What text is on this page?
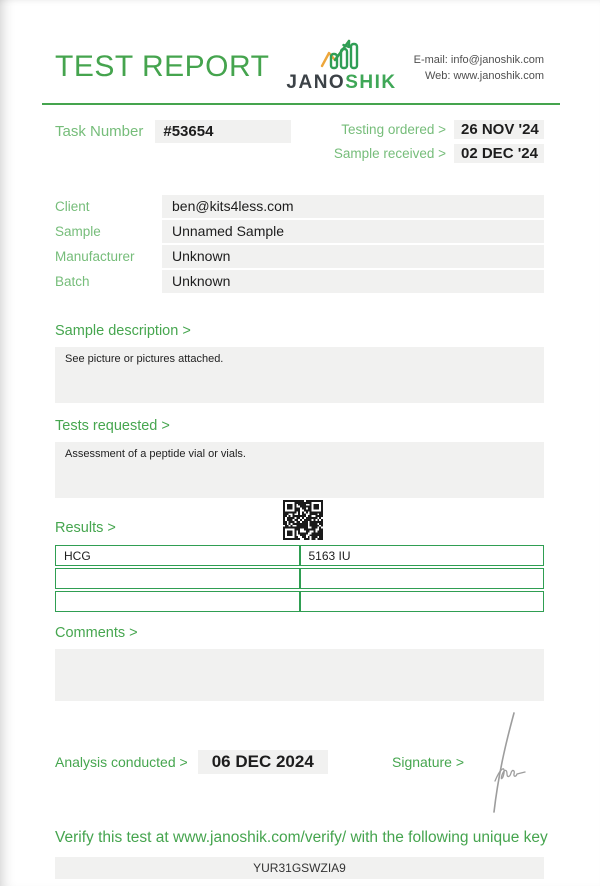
TEST REPORT JANOSHIK
E-mail: info@janoshik.com
Web: www.janoshik.com
Task Number	#53654	Testing ordered >	26 NOV '24
Sample received >	02 DEC '24
Client	ben@kits4less.com
Sample	Unnamed Sample
Manufacturer	Unknown
Batch	Unknown
Sample description >
See picture or pictures attached.
Tests requested >
Assessment of a peptide vial or vials.
Results >
HCG	5163 IU

Comments >
Analysis conducted >	06 DEC 2024	Signature >
Verify this test at www.janoshik.com/verify/ with the following unique key
YUR31GSWZIA9
